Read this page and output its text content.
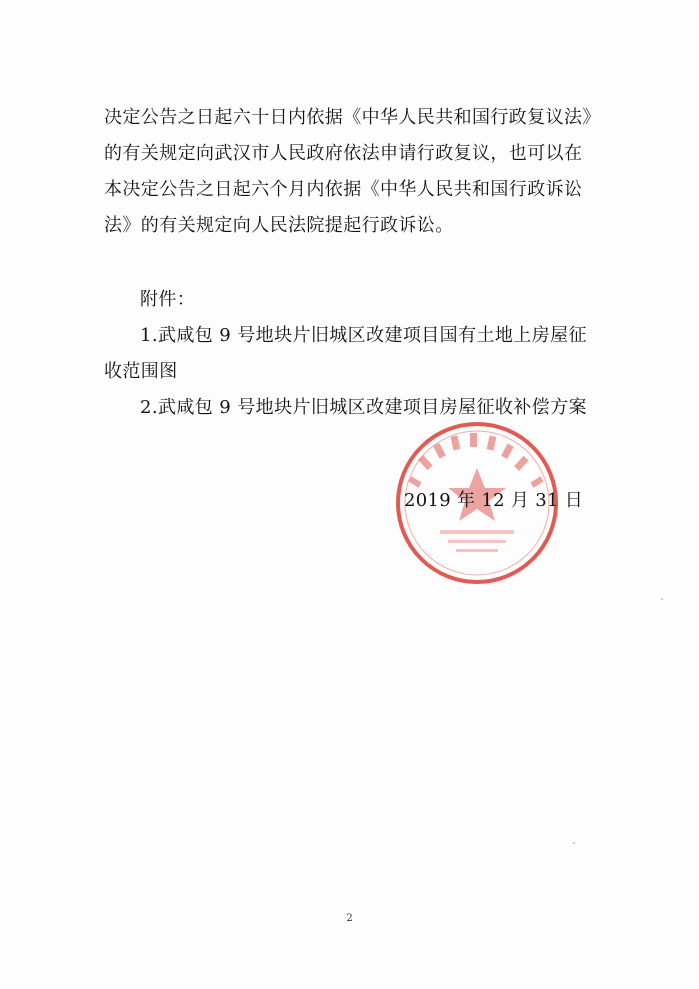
决定公告之日起六十日内依据《中华人民共和国行政复议法》
的有关规定向武汉市人民政府依法申请行政复议，也可以在
本决定公告之日起六个月内依据《中华人民共和国行政诉讼
法》的有关规定向人民法院提起行政诉讼。
附件：
1.武咸包 9 号地块片旧城区改建项目国有土地上房屋征
收范围图
2.武咸包 9 号地块片旧城区改建项目房屋征收补偿方案
2019 年 12 月 31 日
2
